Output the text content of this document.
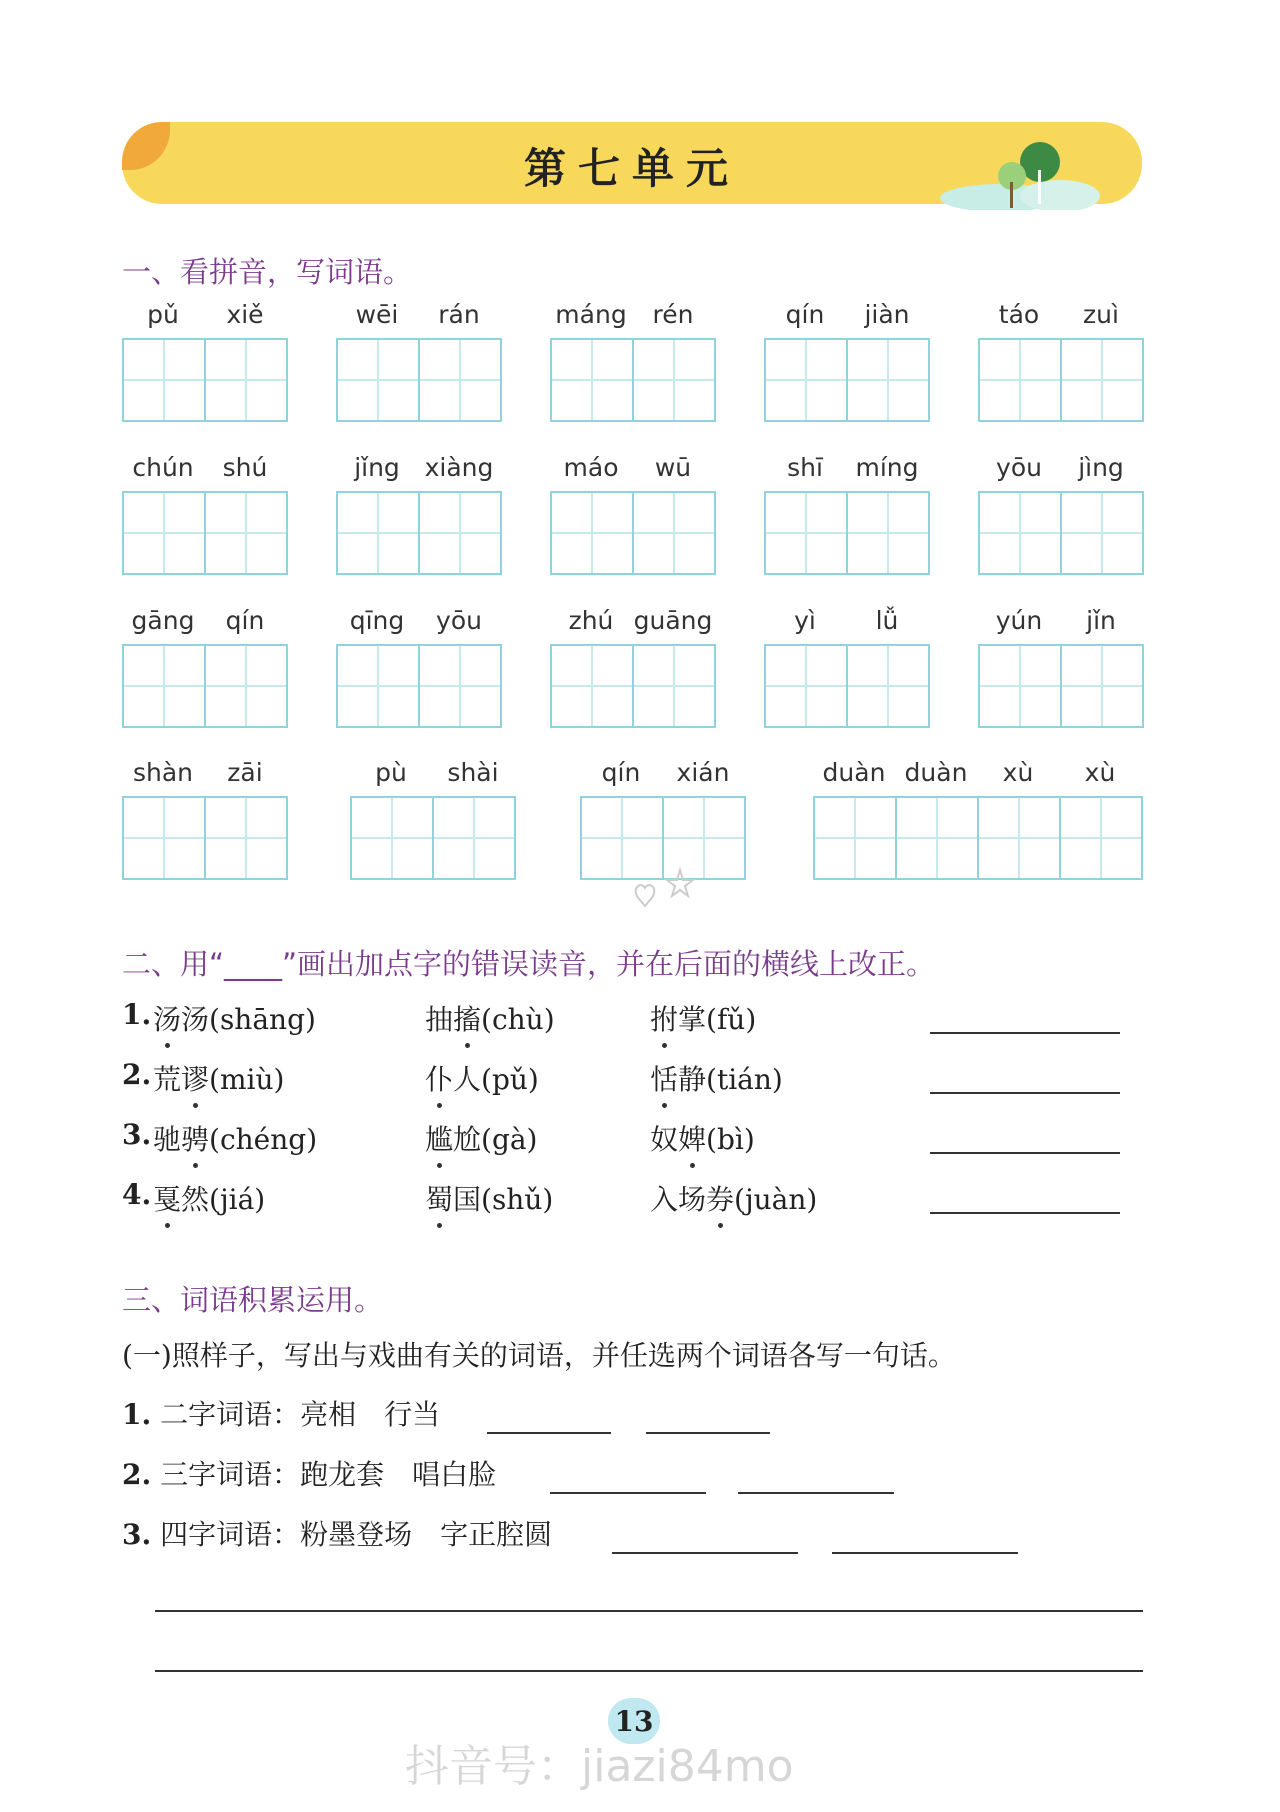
第七单元
一、看拼音，写词语。
pǔ	xiě	wēi	rán	máng	rén	qín	jiàn	táo	zuì
chún	shú	jǐng xiàng	máo	wū	shī	míng	yōu	jìng
gāng	qín	qīng	yōu	zhú guāng	yì	lǚ	yún	jǐn
shàn	zāi	pù	shài	qín	xián	duàn duàn	xù	xù
二、用“____”画出加点字的错误读音，并在后面的横线上改正。
1. 汤汤(shāng)	抽搐(chù)	拊掌(fǔ)
2. 荒谬(miù)	仆人(pǔ)	恬静(tián)
3. 驰骋(chéng)	尴尬(gà)	奴婢(bì)
4. 戛然(jiá)	蜀国(shǔ)	入场券(juàn)
三、词语积累运用。
(一)照样子，写出与戏曲有关的词语，并任选两个词语各写一句话。
1. 二字词语：亮相　行当
2. 三字词语：跑龙套　唱白脸
3. 四字词语：粉墨登场　字正腔圆
13
抖音号：jiazi84mo
